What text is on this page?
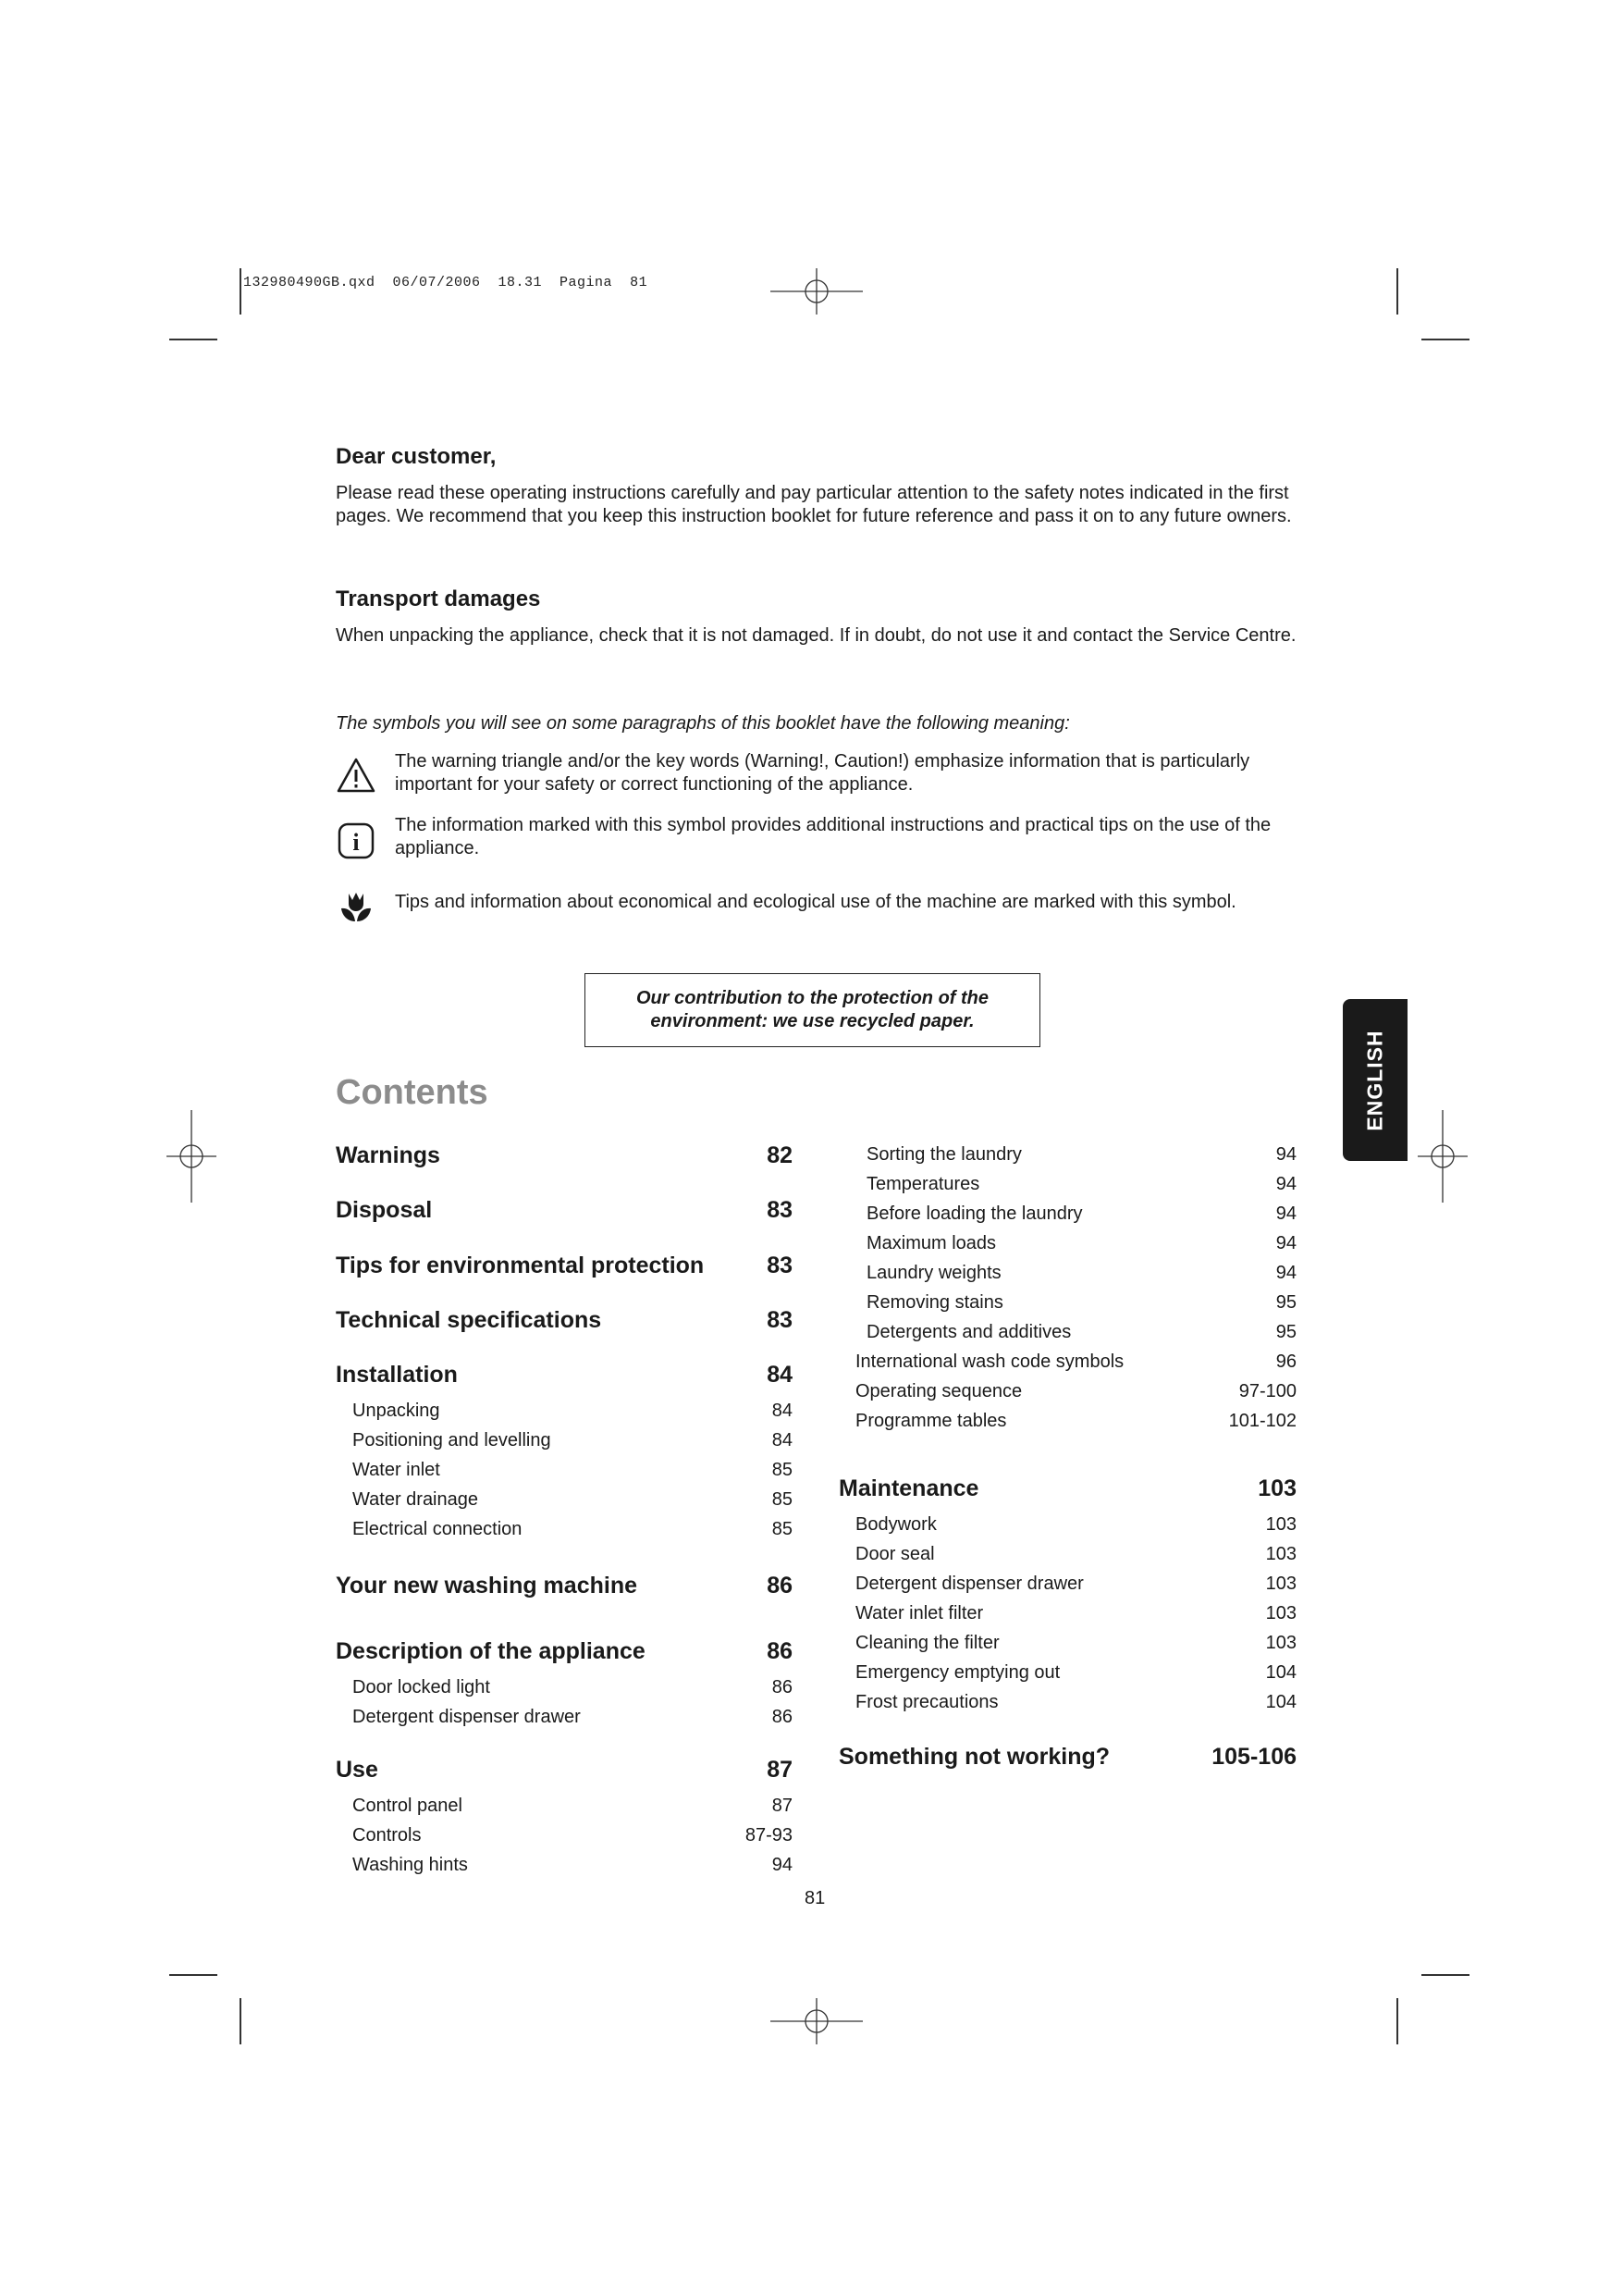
132980490GB.qxd  06/07/2006  18.31  Pagina  81
Dear customer,
Please read these operating instructions carefully and pay particular attention to the safety notes indicated in the first pages. We recommend that you keep this instruction booklet for future reference and pass it on to any future owners.
Transport damages
When unpacking the appliance, check that it is not damaged. If in doubt, do not use it and contact the Service Centre.
The symbols you will see on some paragraphs of this booklet have the following meaning:
The warning triangle and/or the key words (Warning!, Caution!) emphasize information that is particularly important for your safety or correct functioning of the appliance.
i
The information marked with this symbol provides additional instructions and practical tips on the use of the appliance.
Tips and information about economical and ecological use of the machine are marked with this symbol.
Our contribution to the protection of the
environment: we use recycled paper.
ENGLISH
Contents
Warnings	82
Disposal	83
Tips for environmental protection	83
Technical specifications	83
Installation	84
Unpacking	84
Positioning and levelling	84
Water inlet	85
Water drainage	85
Electrical connection	85
Your new washing machine	86
Description of the appliance	86
Door locked light	86
Detergent dispenser drawer	86
Use	87
Control panel	87
Controls	87-93
Washing hints	94
Sorting the laundry	94
Temperatures	94
Before loading the laundry	94
Maximum loads	94
Laundry weights	94
Removing stains	95
Detergents and additives	95
International wash code symbols	96
Operating sequence	97-100
Programme tables	101-102
Maintenance	103
Bodywork	103
Door seal	103
Detergent dispenser drawer	103
Water inlet filter	103
Cleaning the filter	103
Emergency emptying out	104
Frost precautions	104
Something not working?	105-106
81
